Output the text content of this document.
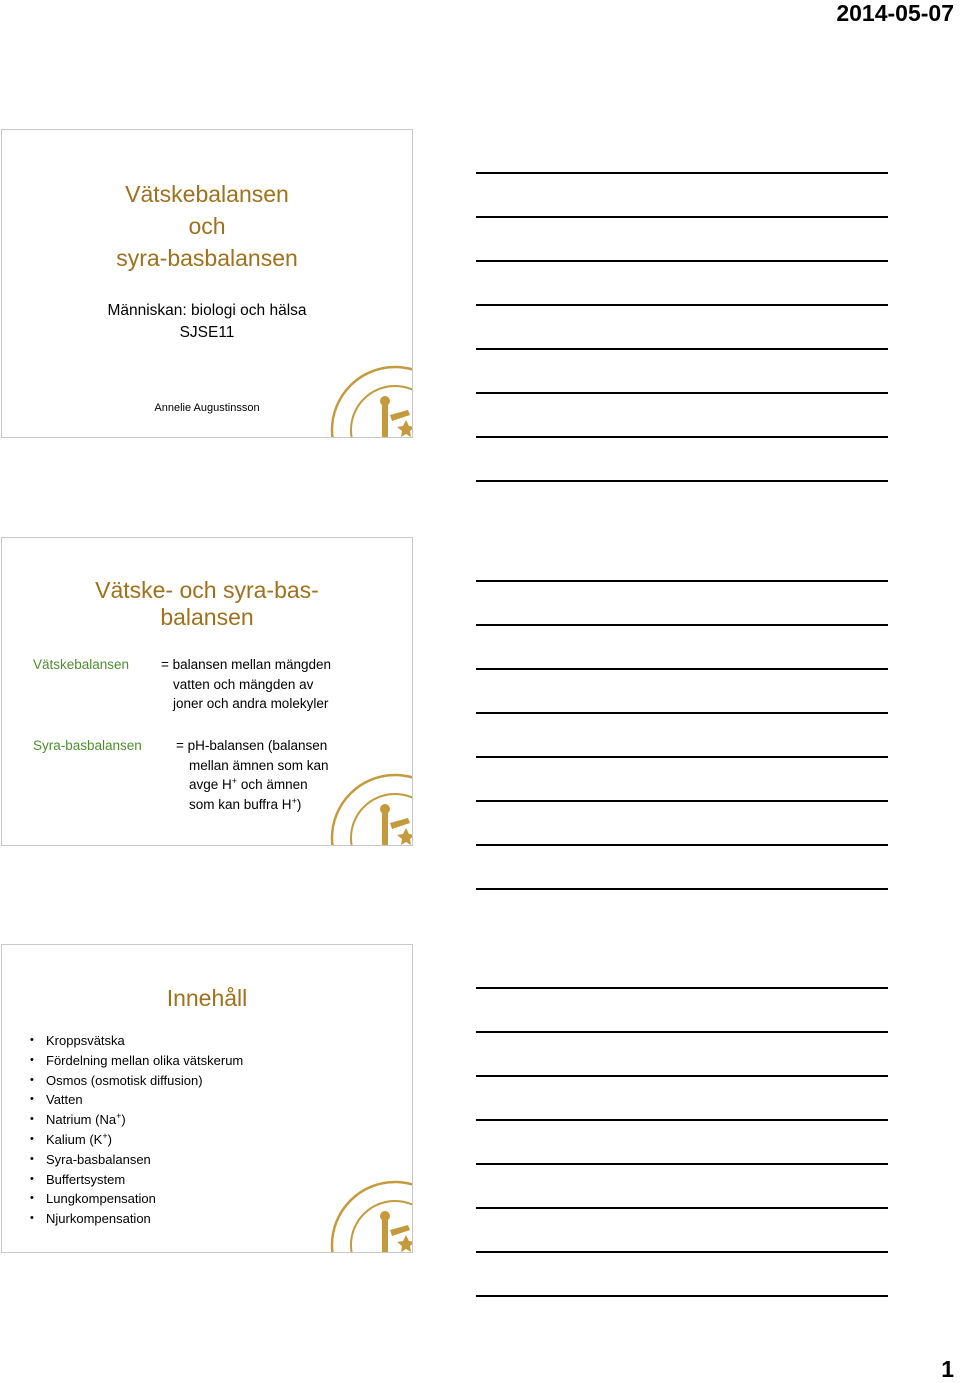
2014-05-07
Vätskebalansen
och
syra-basbalansen
Människan: biologi och hälsa
SJSE11
Annelie Augustinsson
CAROLINÆ · SIGILL
Vätske- och syra-bas-
balansen
Vätskebalansen = balansen mellan mängden
vatten och mängden av
joner och andra molekyler
Syra-basbalansen	= pH-balansen (balansen
mellan ämnen som kan
avge H+ och ämnen
som kan buffra H+)	CAROLINÆ · SIGILL
Innehåll
• Kroppsvätska
• Fördelning mellan olika vätskerum
• Osmos (osmotisk diffusion)
• Vatten
• Natrium (Na+)
• Kalium (K+)
• Syra-basbalansen
• Buffertsystem
• Lungkompensation
• Njurkompensation	CAROLINÆ · SIGILL
1
